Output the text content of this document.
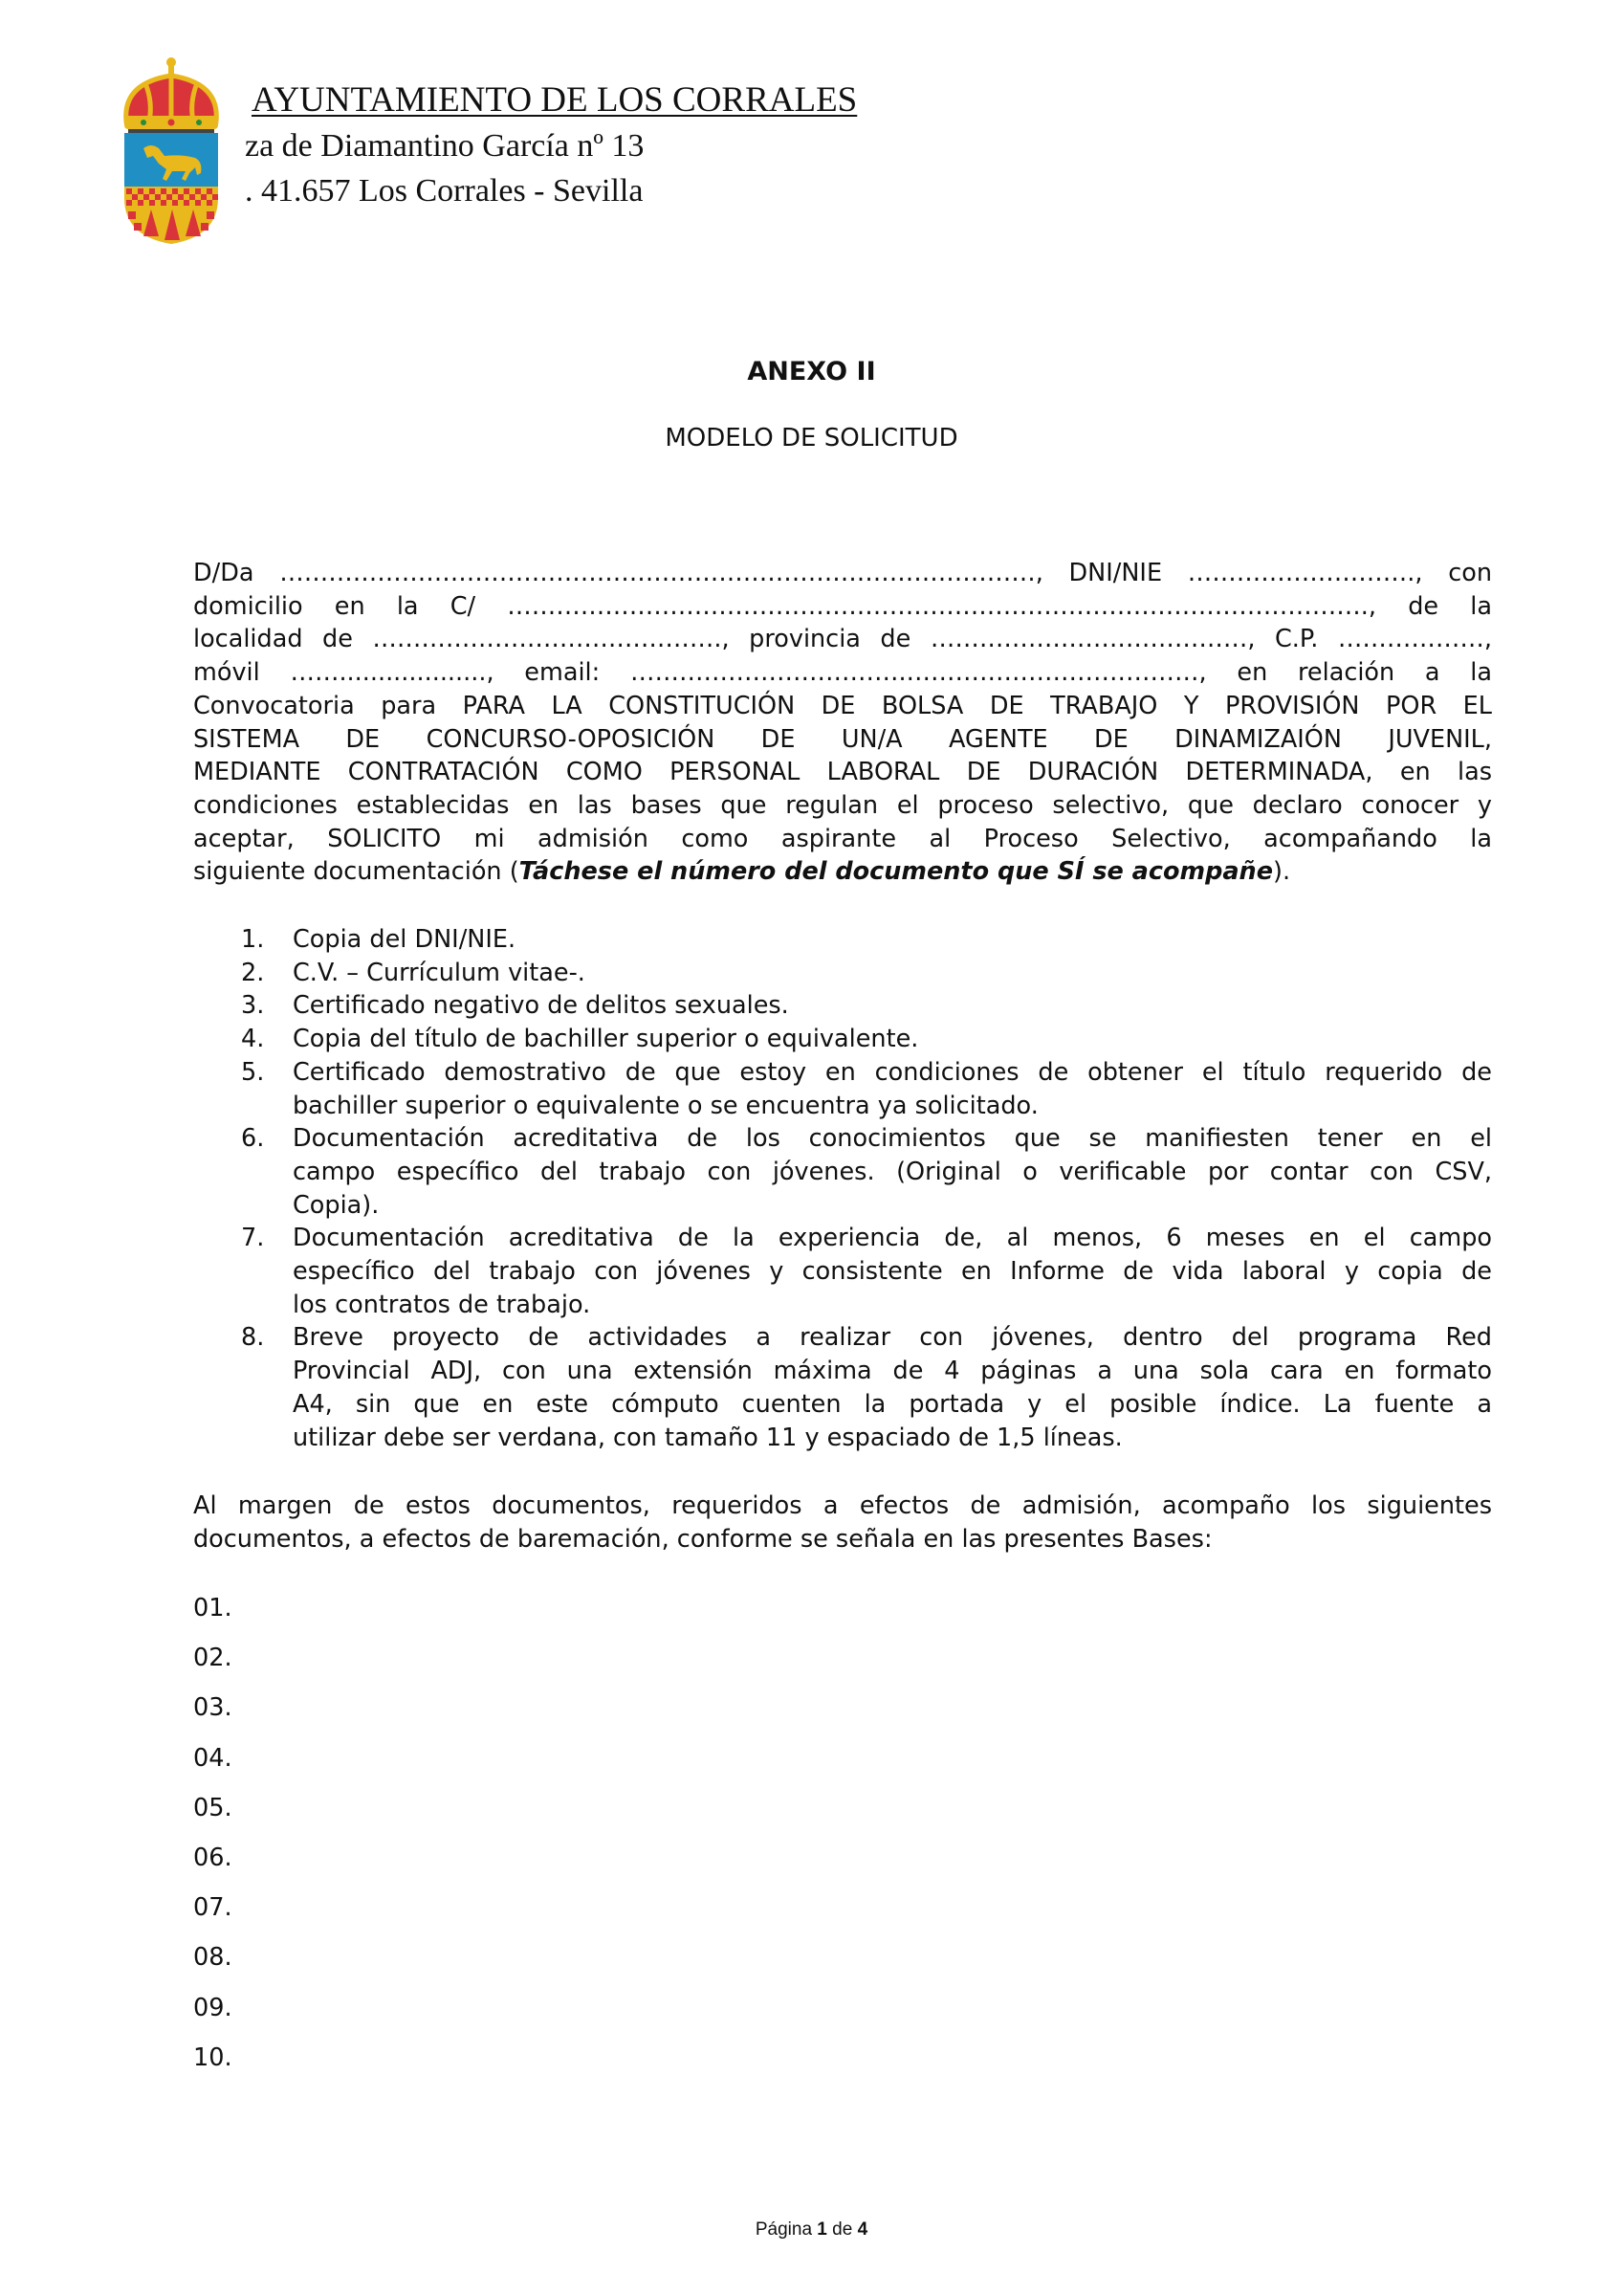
AYUNTAMIENTO DE LOS CORRALES
za de Diamantino García nº 13
. 41.657 Los Corrales - Sevilla
ANEXO II
MODELO DE SOLICITUD
D/Da …………………………………………………………………………………, DNI/NIE ………………………., con
domicilio en la C/ ……………………………………………………………………………………………., de la
localidad de ……………………………………., provincia de …………………………………, C.P. ………………,
móvil ……..................., email: …………………………….………………………………, en relación a la
Convocatoria para PARA LA CONSTITUCIÓN DE BOLSA DE TRABAJO Y PROVISIÓN POR EL
SISTEMA DE CONCURSO-OPOSICIÓN DE UN/A AGENTE DE DINAMIZAIÓN JUVENIL,
MEDIANTE CONTRATACIÓN COMO PERSONAL LABORAL DE DURACIÓN DETERMINADA, en las
condiciones establecidas en las bases que regulan el proceso selectivo, que declaro conocer y
aceptar, SOLICITO mi admisión como aspirante al Proceso Selectivo, acompañando la
siguiente documentación (Táchese el número del documento que SÍ se acompañe).
1. Copia del DNI/NIE.
2. C.V. – Currículum vitae-.
3. Certificado negativo de delitos sexuales.
4. Copia del título de bachiller superior o equivalente.
5. Certificado demostrativo de que estoy en condiciones de obtener el título requerido de
bachiller superior o equivalente o se encuentra ya solicitado.
6. Documentación acreditativa de los conocimientos que se manifiesten tener en el
campo específico del trabajo con jóvenes. (Original o verificable por contar con CSV,
Copia).
7. Documentación acreditativa de la experiencia de, al menos, 6 meses en el campo
específico del trabajo con jóvenes y consistente en Informe de vida laboral y copia de
los contratos de trabajo.
8. Breve proyecto de actividades a realizar con jóvenes, dentro del programa Red
Provincial ADJ, con una extensión máxima de 4 páginas a una sola cara en formato
A4, sin que en este cómputo cuenten la portada y el posible índice. La fuente a
utilizar debe ser verdana, con tamaño 11 y espaciado de 1,5 líneas.
Al margen de estos documentos, requeridos a efectos de admisión, acompaño los siguientes
documentos, a efectos de baremación, conforme se señala en las presentes Bases:
01.
02.
03.
04.
05.
06.
07.
08.
09.
10.
Página 1 de 4
